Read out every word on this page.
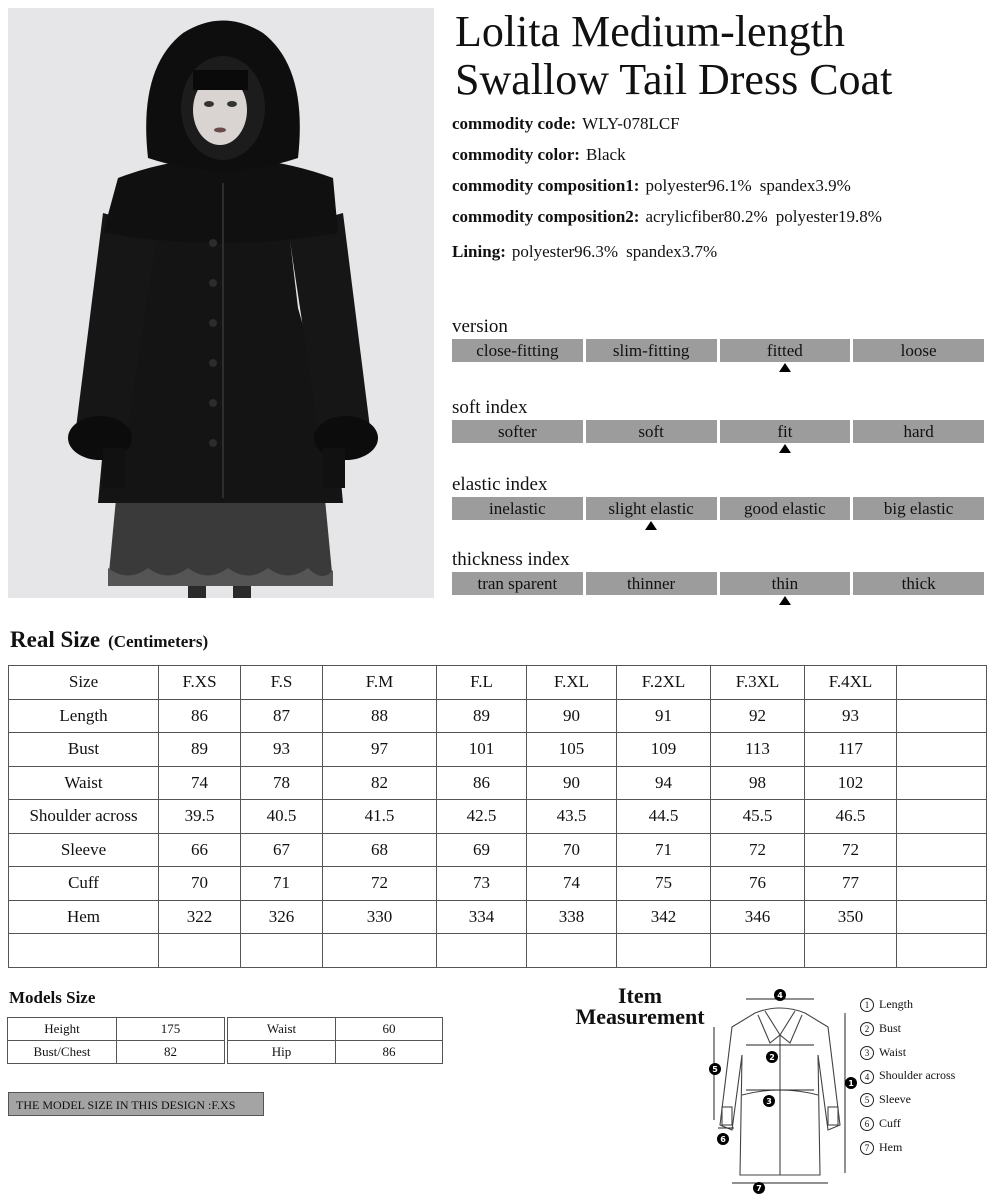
Lolita Medium-length
Swallow Tail Dress Coat
commodity code: WLY-078LCF
commodity color: Black
commodity composition1: polyester96.1% spandex3.9%
commodity composition2: acrylicfiber80.2% polyester19.8%
Lining: polyester96.3% spandex3.7%
version
close-fitting	slim-fitting	fitted	loose
soft index
softer	soft	fit	hard
elastic index
inelastic	slight elastic	good elastic	big elastic
thickness index
tran sparent	thinner	thin	thick
Real Size (Centimeters)
Size	F.XS	F.S	F.M	F.L	F.XL	F.2XL	F.3XL	F.4XL	
Length	86	87	88	89	90	91	92	93	
Bust	89	93	97	101	105	109	113	117	
Waist	74	78	82	86	90	94	98	102	
Shoulder across	39.5	40.5	41.5	42.5	43.5	44.5	45.5	46.5	
Sleeve	66	67	68	69	70	71	72	72	
Cuff	70	71	72	73	74	75	76	77	
Hem	322	326	330	334	338	342	346	350	

Models Size
Height	175
Bust/Chest	82
Waist	60
Hip	86
THE MODEL SIZE IN THIS DESIGN :F.XS
Item
Measurement
4
2
3
1
5
6
7
1 Length
2 Bust
3 Waist
4 Shoulder across
5 Sleeve
6 Cuff
7 Hem
